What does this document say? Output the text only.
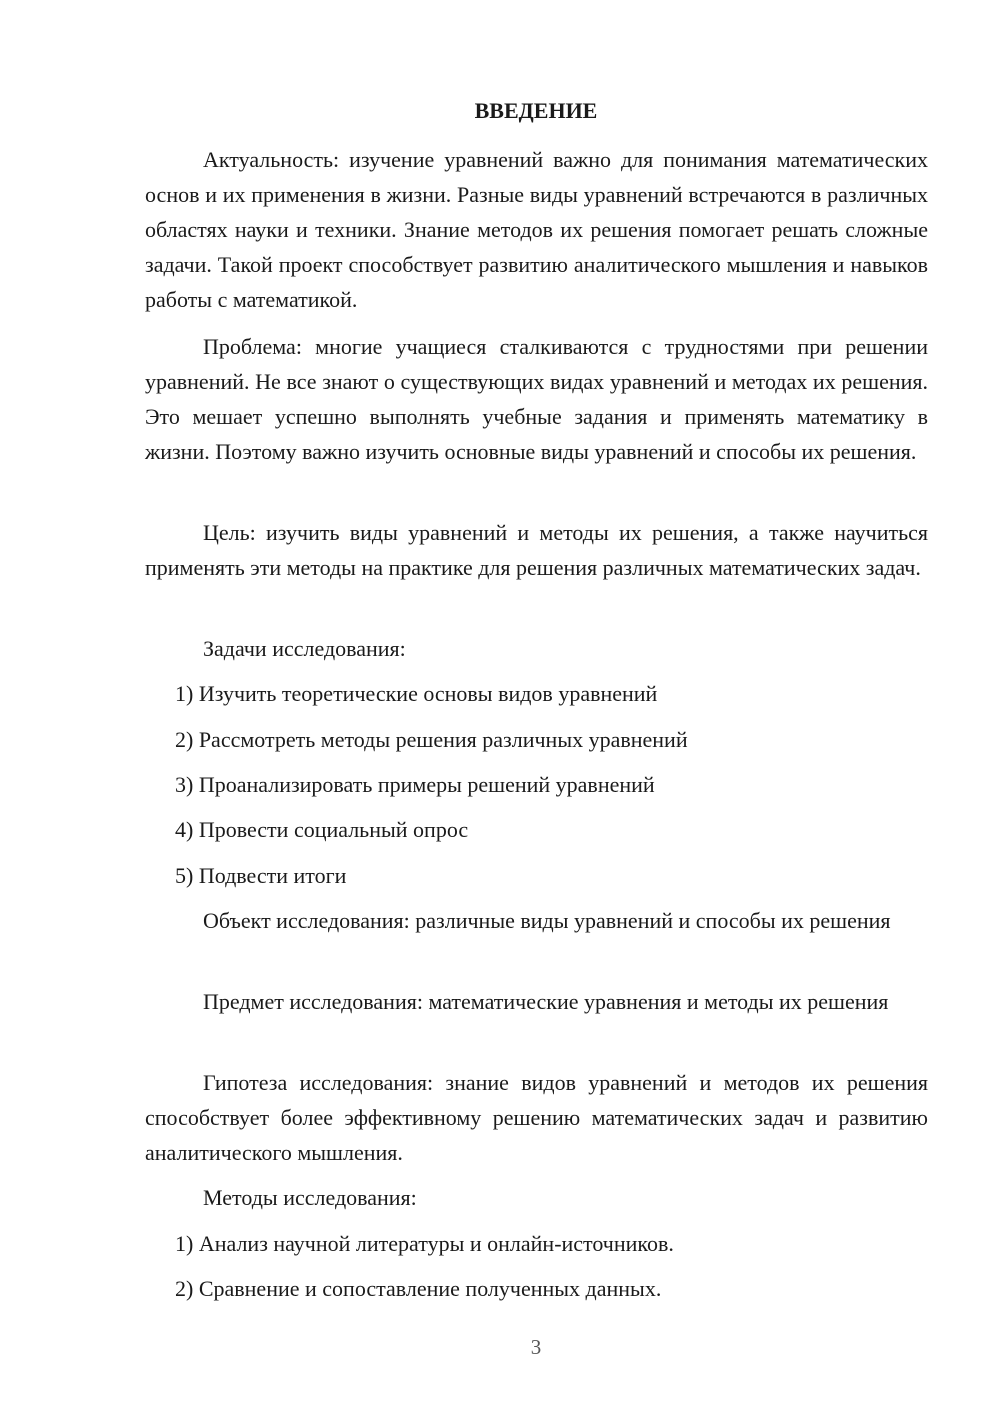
ВВЕДЕНИЕ

Актуальность: изучение уравнений важно для понимания математических основ и их применения в жизни. Разные виды уравнений встречаются в различных областях науки и техники. Знание методов их решения помогает решать сложные задачи. Такой проект способствует развитию аналитического мышления и навыков работы с математикой.

Проблема: многие учащиеся сталкиваются с трудностями при решении уравнений. Не все знают о существующих видах уравнений и методах их решения. Это мешает успешно выполнять учебные задания и применять математику в жизни. Поэтому важно изучить основные виды уравнений и способы их решения.

Цель: изучить виды уравнений и методы их решения, а также научиться применять эти методы на практике для решения различных математических задач.

Задачи исследования:

1) Изучить теоретические основы видов уравнений

2) Рассмотреть методы решения различных уравнений

3) Проанализировать примеры решений уравнений

4) Провести социальный опрос

5) Подвести итоги

Объект исследования: различные виды уравнений и способы их решения

Предмет исследования: математические уравнения и методы их решения

Гипотеза исследования: знание видов уравнений и методов их решения способствует более эффективному решению математических задач и развитию аналитического мышления.

Методы исследования:

1) Анализ научной литературы и онлайн-источников.

2) Сравнение и сопоставление полученных данных.

3
